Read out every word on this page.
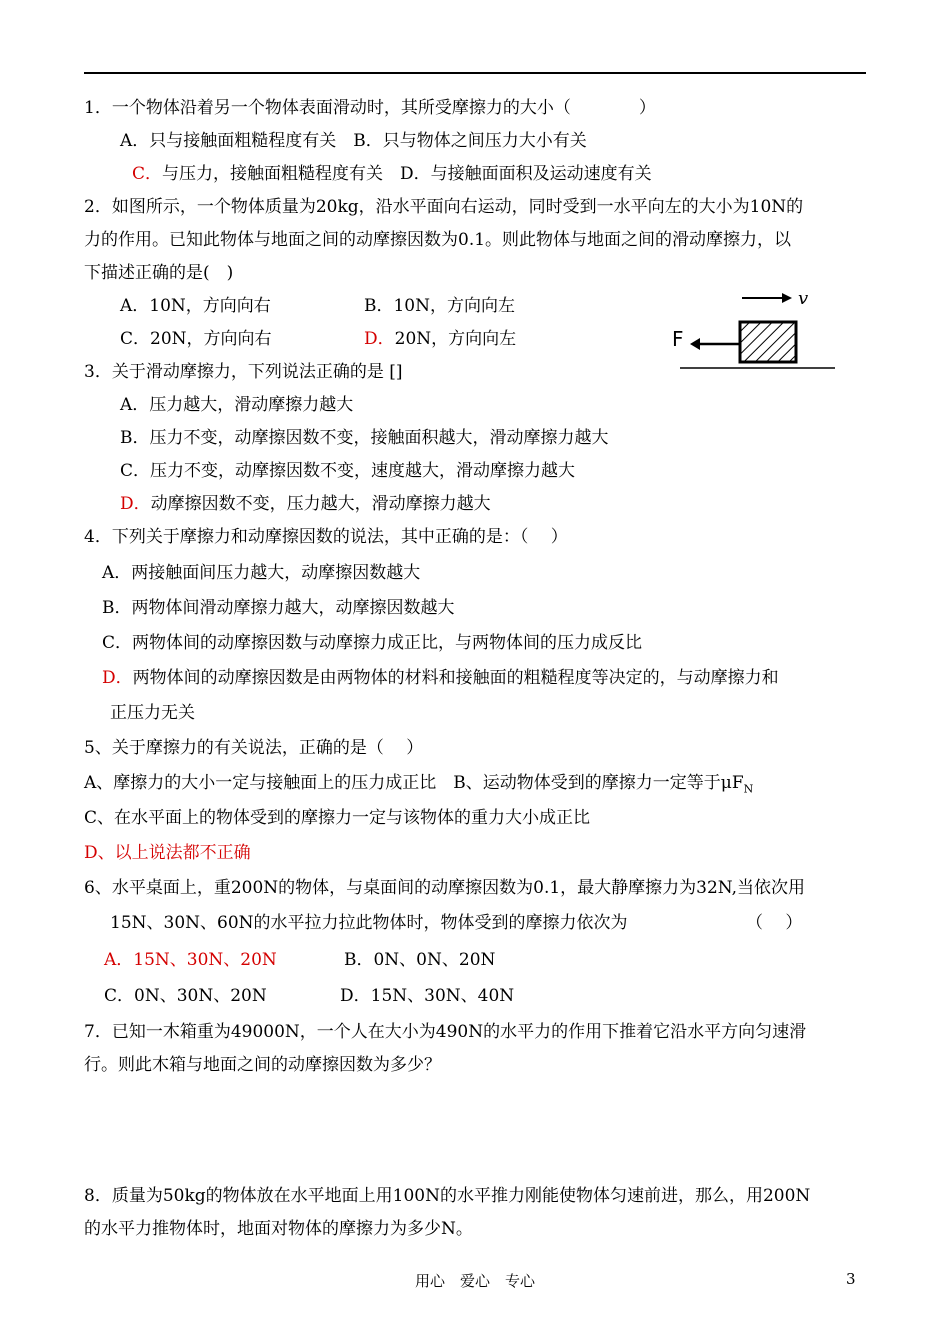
1．一个物体沿着另一个物体表面滑动时，其所受摩擦力的大小（　　　　）
A．只与接触面粗糙程度有关　B．只与物体之间压力大小有关
C．与压力，接触面粗糙程度有关　D．与接触面面积及运动速度有关
2．如图所示，一个物体质量为20kg，沿水平面向右运动，同时受到一水平向左的大小为10N的
力的作用。已知此物体与地面之间的动摩擦因数为0.1。则此物体与地面之间的滑动摩擦力，以
下描述正确的是(　)
A．10N，方向向右	B．10N，方向向左
C．20N，方向向右	D．20N，方向向左
v
F
3．关于滑动摩擦力，下列说法正确的是 []
A．压力越大，滑动摩擦力越大
B．压力不变，动摩擦因数不变，接触面积越大，滑动摩擦力越大
C．压力不变，动摩擦因数不变，速度越大，滑动摩擦力越大
D．动摩擦因数不变，压力越大，滑动摩擦力越大
4．下列关于摩擦力和动摩擦因数的说法，其中正确的是：（　 ）
A．两接触面间压力越大，动摩擦因数越大
B．两物体间滑动摩擦力越大，动摩擦因数越大
C．两物体间的动摩擦因数与动摩擦力成正比，与两物体间的压力成反比
D．两物体间的动摩擦因数是由两物体的材料和接触面的粗糙程度等决定的，与动摩擦力和
正压力无关
5、关于摩擦力的有关说法，正确的是（　 ）
A、摩擦力的大小一定与接触面上的压力成正比　B、运动物体受到的摩擦力一定等于$\mu F_N$
C、在水平面上的物体受到的摩擦力一定与该物体的重力大小成正比
D、以上说法都不正确
6、水平桌面上，重200N的物体，与桌面间的动摩擦因数为0.1，最大静摩擦力为32N,当依次用
15N、30N、60N的水平拉力拉此物体时，物体受到的摩擦力依次为	（　 ）
A．15N、30N、20N	B．0N、0N、20N
C．0N、30N、20N	D．15N、30N、40N
7．已知一木箱重为49000N，一个人在大小为490N的水平力的作用下推着它沿水平方向匀速滑
行。则此木箱与地面之间的动摩擦因数为多少？
8．质量为50kg的物体放在水平地面上用100N的水平推力刚能使物体匀速前进，那么，用200N
的水平力推物体时，地面对物体的摩擦力为多少N。
用心　爱心　专心	3
